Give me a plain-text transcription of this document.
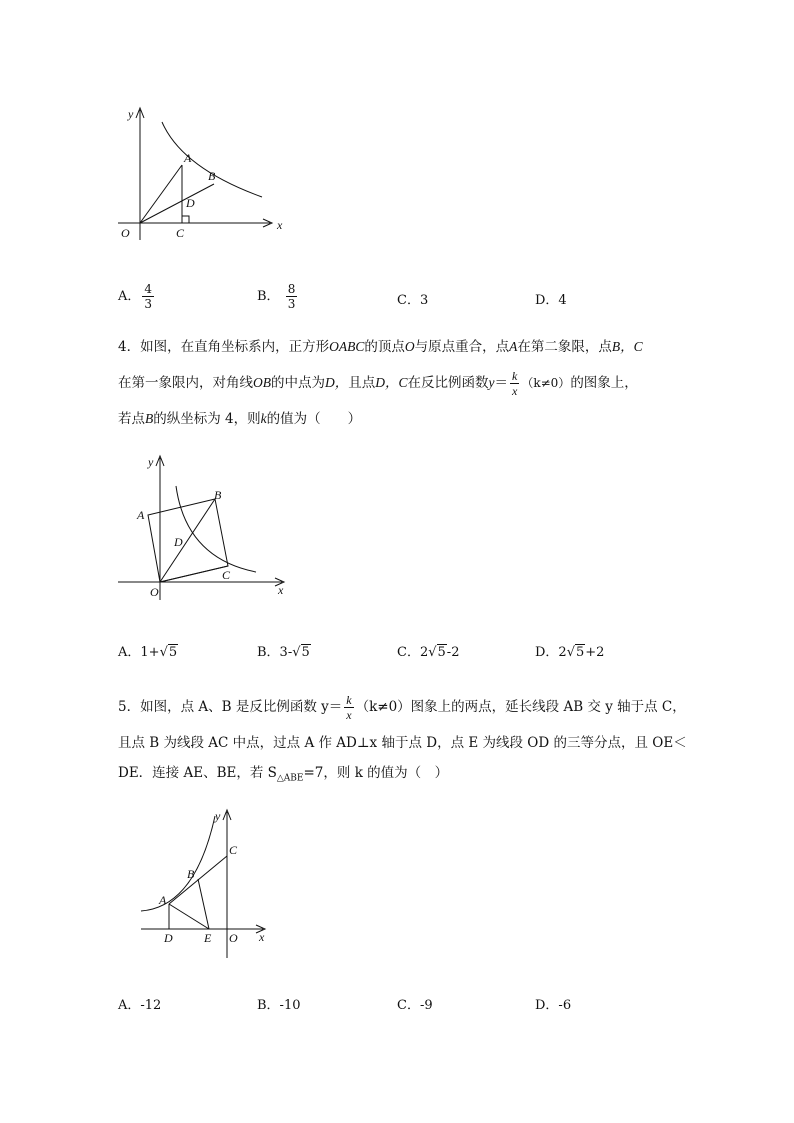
y
x
O
A
B
D
C
A． $\frac{4}{3}$	B． $\frac{8}{3}$	C．3	D．4
4．如图，在直角坐标系内，正方形OABC的顶点O与原点重合，点A在第二象限，点B，C
在第一象限内，对角线OB的中点为D，且点D，C在反比例函数$y= \frac{k}{x} (k\ne 0)$的图象上，
若点B的纵坐标为 4，则k的值为（　　）
y
x
O
A
B
D
C
A．1+√5	B．3-√5	C．2√5-2	D．2√5+2
5．如图，点 A、B 是反比例函数 $y= \frac{k}{x} (k\ne 0)$图象上的两点，延长线段 AB 交 y 轴于点 C，
且点 B 为线段 AC 中点，过点 A 作 AD⊥x 轴于点 D，点 E 为线段 OD 的三等分点，且 OE＜
DE．连接 AE、BE，若 $S_{\triangle ABE}=7$，则 k 的值为（　）
y
x
C
B
A
D	E O
A．-12	B．-10	C．-9	D．-6
